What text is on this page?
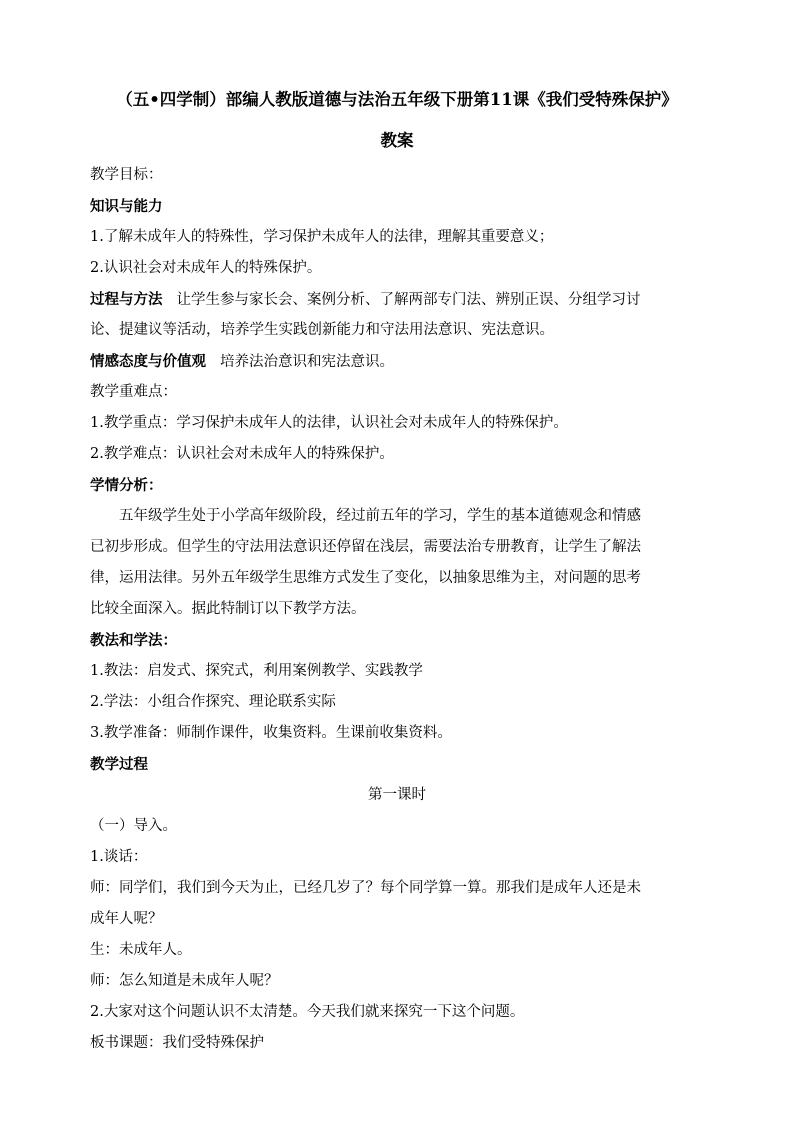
（五•四学制）部编人教版道德与法治五年级下册第11课《我们受特殊保护》
教案
教学目标：
知识与能力
1.了解未成年人的特殊性，学习保护未成年人的法律，理解其重要意义；
2.认识社会对未成年人的特殊保护。
过程与方法 让学生参与家长会、案例分析、了解两部专门法、辨别正误、分组学习讨
论、提建议等活动，培养学生实践创新能力和守法用法意识、宪法意识。
情感态度与价值观 培养法治意识和宪法意识。
教学重难点：
1.教学重点：学习保护未成年人的法律，认识社会对未成年人的特殊保护。
2.教学难点：认识社会对未成年人的特殊保护。
学情分析：
五年级学生处于小学高年级阶段，经过前五年的学习，学生的基本道德观念和情感
已初步形成。但学生的守法用法意识还停留在浅层，需要法治专册教育，让学生了解法
律，运用法律。另外五年级学生思维方式发生了变化，以抽象思维为主，对问题的思考
比较全面深入。据此特制订以下教学方法。
教法和学法：
1.教法：启发式、探究式，利用案例教学、实践教学
2.学法：小组合作探究、理论联系实际
3.教学准备：师制作课件，收集资料。生课前收集资料。
教学过程
第一课时
（一）导入。
1.谈话：
师：同学们，我们到今天为止，已经几岁了？每个同学算一算。那我们是成年人还是未
成年人呢？
生：未成年人。
师：怎么知道是未成年人呢？
2.大家对这个问题认识不太清楚。今天我们就来探究一下这个问题。
板书课题：我们受特殊保护
